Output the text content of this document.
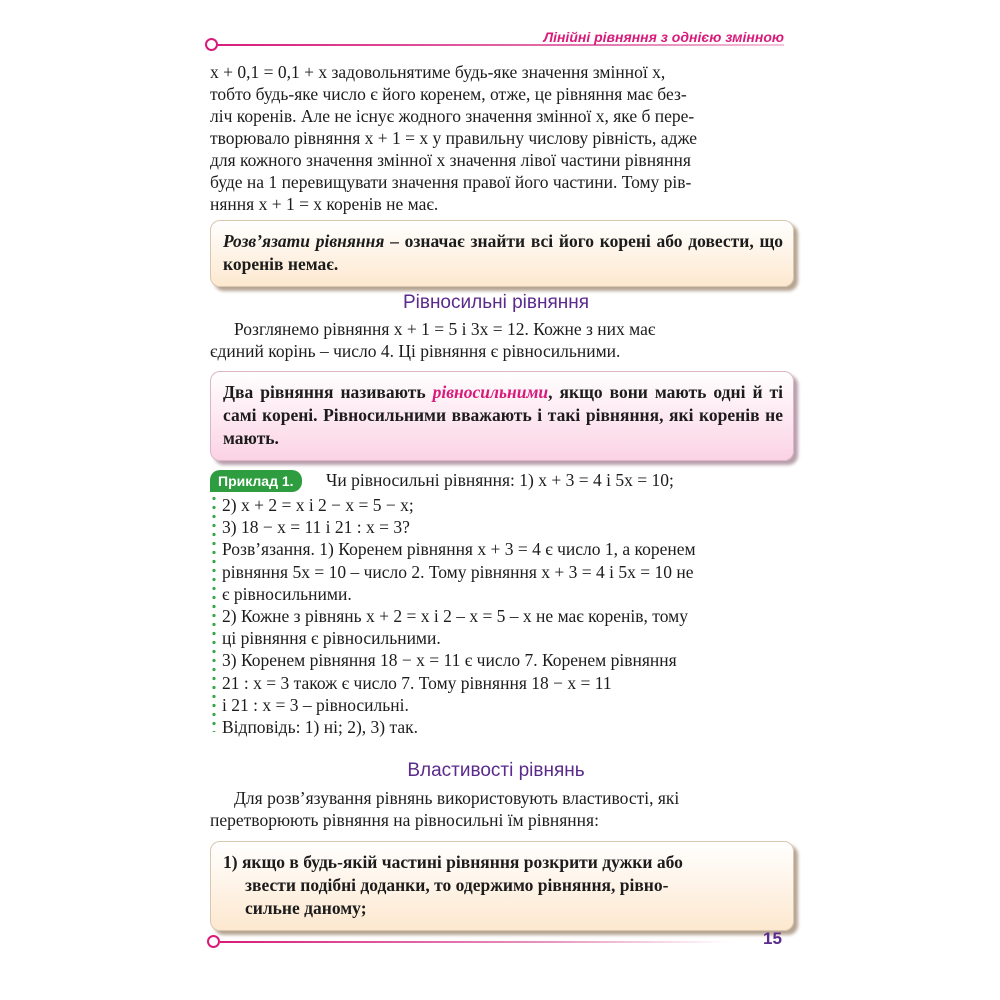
Лінійні рівняння з однією змінною
x + 0,1 = 0,1 + x задовольнятиме будь-яке значення змінної x,
тобто будь-яке число є його коренем, отже, це рівняння має без-
ліч коренів. Але не існує жодного значення змінної x, яке б пере-
творювало рівняння x + 1 = x у правильну числову рівність, адже
для кожного значення змінної x значення лівої частини рівняння
буде на 1 перевищувати значення правої його частини. Тому рів-
няння x + 1 = x коренів не має.
Розв’язати рівняння – означає знайти всі його корені або довести, що коренів немає.
Рівносильні рівняння
Розглянемо рівняння x + 1 = 5 і 3x = 12. Кожне з них має
єдиний корінь – число 4. Ці рівняння є рівносильними.
Два рівняння називають рівносильними, якщо вони мають одні й ті самі корені. Рівносильними вважають і такі рівняння, які коренів не мають.
Приклад 1.	Чи рівносильні рівняння: 1) x + 3 = 4 і 5x = 10;
2) x + 2 = x і 2 − x = 5 − x;
3) 18 − x = 11 і 21 : x = 3?
Розв’язання. 1) Коренем рівняння x + 3 = 4 є число 1, а коренем
рівняння 5x = 10 – число 2. Тому рівняння x + 3 = 4 і 5x = 10 не
є рівносильними.
2) Кожне з рівнянь x + 2 = x і 2 – x = 5 – x не має коренів, тому
ці рівняння є рівносильними.
3) Коренем рівняння 18 − x = 11 є число 7. Коренем рівняння
21 : x = 3 також є число 7. Тому рівняння 18 − x = 11
і 21 : x = 3 – рівносильні.
Відповідь: 1) ні; 2), 3) так.
Властивості рівнянь
Для розв’язування рівнянь використовують властивості, які
перетворюють рівняння на рівносильні їм рівняння:
1) якщо в будь-якій частині рівняння розкрити дужки або
звести подібні доданки, то одержимо рівняння, рівно-
сильне даному;
15
